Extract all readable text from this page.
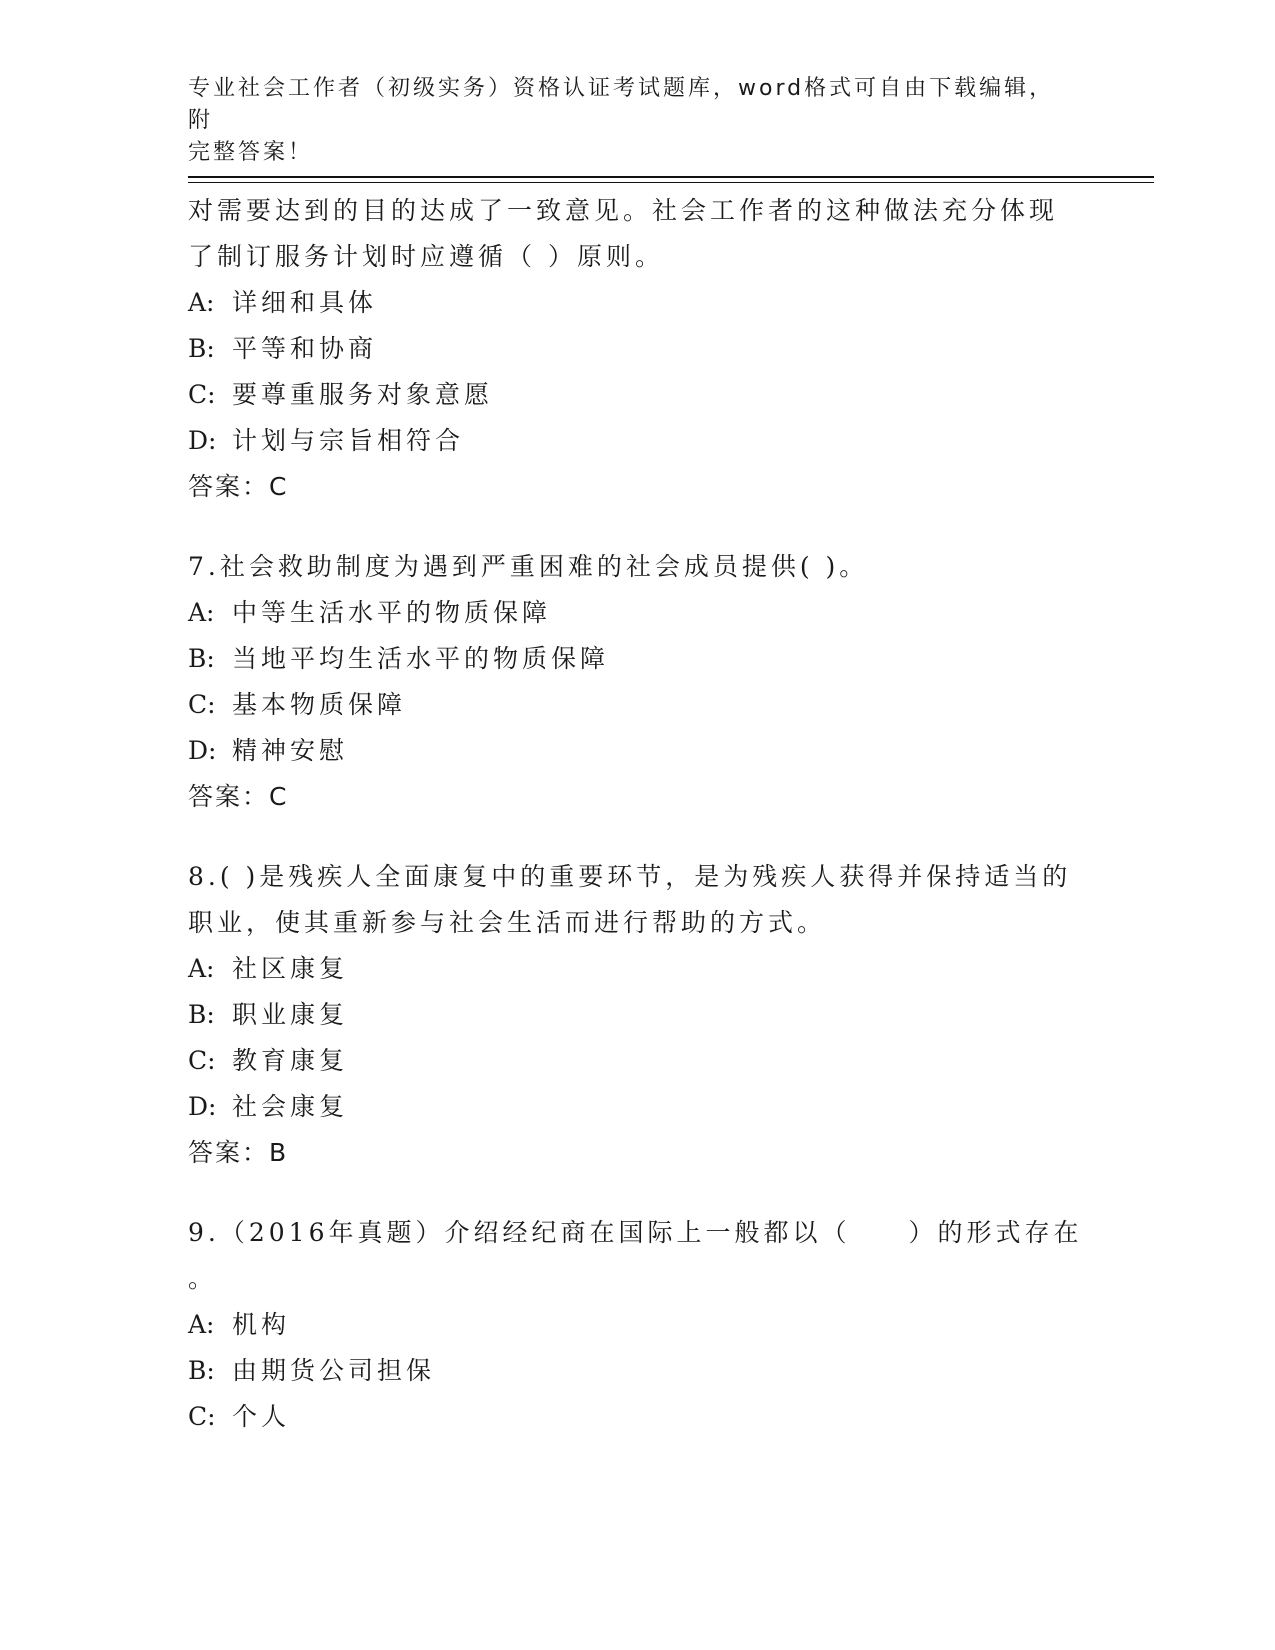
专业社会工作者（初级实务）资格认证考试题库，word格式可自由下载编辑，附
完整答案！
对需要达到的目的达成了一致意见。社会工作者的这种做法充分体现
了制订服务计划时应遵循（ ）原则。
A: 详细和具体
B: 平等和协商
C: 要尊重服务对象意愿
D: 计划与宗旨相符合
答案：C
7.社会救助制度为遇到严重困难的社会成员提供( )。
A: 中等生活水平的物质保障
B: 当地平均生活水平的物质保障
C: 基本物质保障
D: 精神安慰
答案：C
8.( )是残疾人全面康复中的重要环节，是为残疾人获得并保持适当的
职业，使其重新参与社会生活而进行帮助的方式。
A: 社区康复
B: 职业康复
C: 教育康复
D: 社会康复
答案：B
9.（2016年真题）介绍经纪商在国际上一般都以（　　）的形式存在
。
A: 机构
B: 由期货公司担保
C: 个人
